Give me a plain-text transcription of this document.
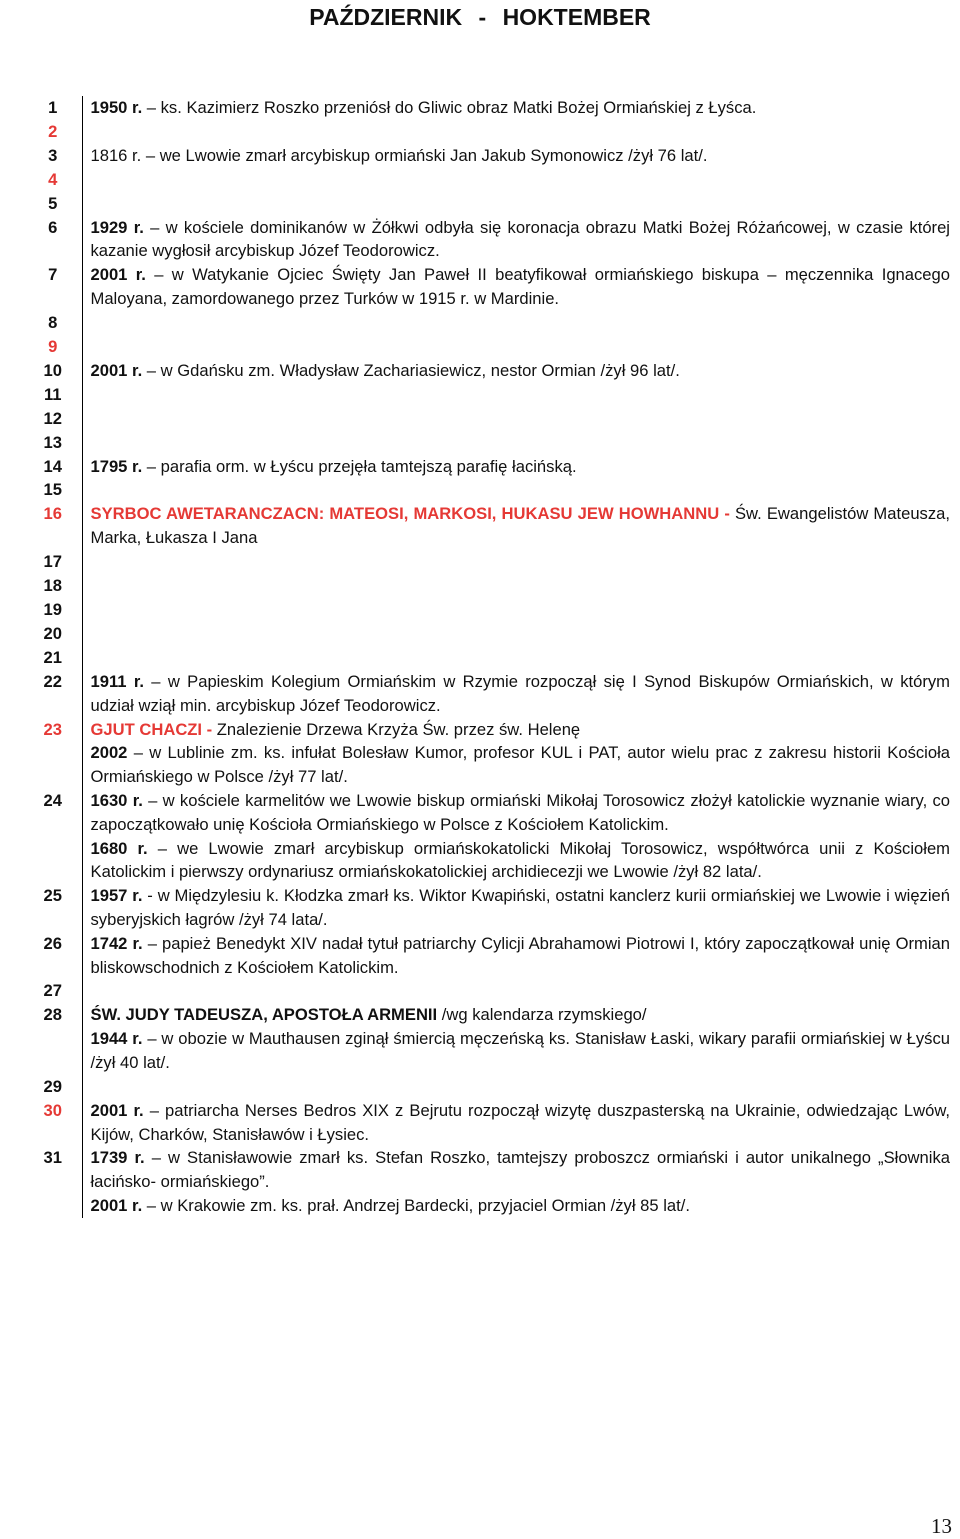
PAŹDZIERNIK - HOKTEMBER
1	1950 r. – ks. Kazimierz Roszko przeniósł do Gliwic obraz Matki Bożej Ormiańskiej z Łyśca.

2	
3	1816 r. – we Lwowie zmarł arcybiskup ormiański Jan Jakub Symonowicz /żył 76 lat/.

4	
5	
6	1929 r. – w kościele dominikanów w Żółkwi odbyła się koronacja obrazu Matki Bożej Różańcowej, w czasie której kazanie wygłosił arcybiskup Józef Teodorowicz.

7	2001 r. – w Watykanie Ojciec Święty Jan Paweł II beatyfikował ormiańskiego biskupa – męczennika Ignacego Maloyana, zamordowanego przez Turków w 1915 r. w Mardinie.

8	
9	
10	2001 r. – w Gdańsku zm. Władysław Zachariasiewicz, nestor Ormian /żył 96 lat/.

11	
12	
13	
14	1795 r. – parafia orm. w Łyścu przejęła tamtejszą parafię łacińską.

15	
16	SYRBOC AWETARANCZACN: MATEOSI, MARKOSI, HUKASU JEW HOWHANNU - Św. Ewangelistów Mateusza, Marka, Łukasza I Jana

17	
18	
19	
20	
21	
22	1911 r. – w Papieskim Kolegium Ormiańskim w Rzymie rozpoczął się I Synod Biskupów Ormiańskich, w którym udział wziął min. arcybiskup Józef Teodorowicz.

23	GJUT CHACZI - Znalezienie Drzewa Krzyża Św. przez św. Helenę

2002 – w Lublinie zm. ks. infułat Bolesław Kumor, profesor KUL i PAT, autor wielu prac z zakresu historii Kościoła Ormiańskiego w Polsce /żył 77 lat/.

24	1630 r. – w kościele karmelitów we Lwowie biskup ormiański Mikołaj Torosowicz złożył katolickie wyznanie wiary, co zapoczątkowało unię Kościoła Ormiańskiego w Polsce z Kościołem Katolickim.

1680 r. – we Lwowie zmarł arcybiskup ormiańskokatolicki Mikołaj Torosowicz, współtwórca unii z Kościołem Katolickim i pierwszy ordynariusz ormiańskokatolickiej archidiecezji we Lwowie /żył 82 lata/.

25	1957 r. - w Międzylesiu k. Kłodzka zmarł ks. Wiktor Kwapiński, ostatni kanclerz kurii ormiańskiej we Lwowie i więzień syberyjskich łagrów /żył 74 lata/.

26	1742 r. – papież Benedykt XIV nadał tytuł patriarchy Cylicji Abrahamowi Piotrowi I, który zapoczątkował unię Ormian bliskowschodnich z Kościołem Katolickim.

27	
28	ŚW. JUDY TADEUSZA, APOSTOŁA ARMENII /wg kalendarza rzymskiego/

1944 r. – w obozie w Mauthausen zginął śmiercią męczeńską ks. Stanisław Łaski, wikary parafii ormiańskiej w Łyścu /żył 40 lat/.

29	
30	2001 r. – patriarcha Nerses Bedros XIX z Bejrutu rozpoczął wizytę duszpasterską na Ukrainie, odwiedzając Lwów, Kijów, Charków, Stanisławów i Łysiec.

31	1739 r. – w Stanisławowie zmarł ks. Stefan Roszko, tamtejszy proboszcz ormiański i autor unikalnego „Słownika łacińsko- ormiańskiego”.

2001 r. – w Krakowie zm. ks. prał. Andrzej Bardecki, przyjaciel Ormian /żył 85 lat/.

13
